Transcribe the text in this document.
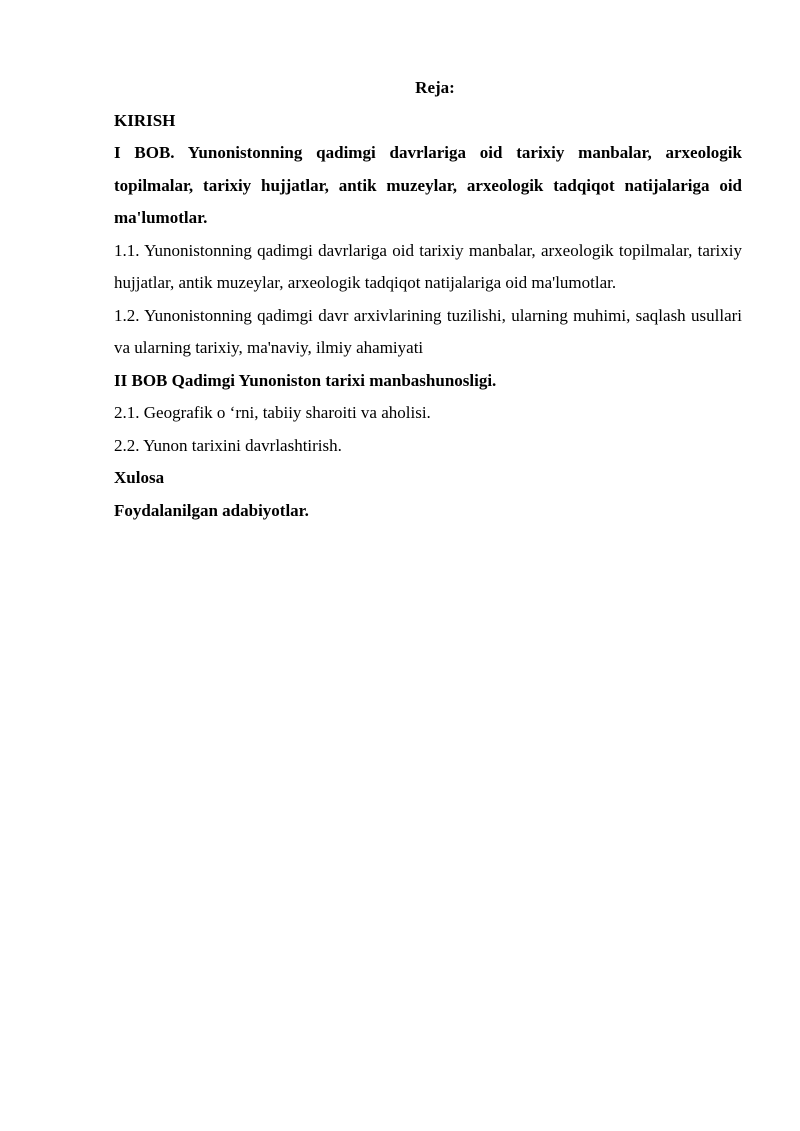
Reja:

KIRISH

I BOB. Yunonistonning qadimgi davrlariga oid tarixiy manbalar, arxeologik topilmalar, tarixiy hujjatlar, antik muzeylar, arxeologik tadqiqot natijalariga oid ma'lumotlar.

1.1. Yunonistonning qadimgi davrlariga oid tarixiy manbalar, arxeologik topilmalar, tarixiy hujjatlar, antik muzeylar, arxeologik tadqiqot natijalariga oid ma'lumotlar.

1.2. Yunonistonning qadimgi davr arxivlarining tuzilishi, ularning muhimi, saqlash usullari va ularning tarixiy, ma'naviy, ilmiy ahamiyati

II BOB Qadimgi Yunoniston tarixi manbashunosligi.

2.1. Geografik o ‘rni, tabiiy sharoiti va aholisi.

2.2. Yunon tarixini davrlashtirish.

Xulosa

Foydalanilgan adabiyotlar.
